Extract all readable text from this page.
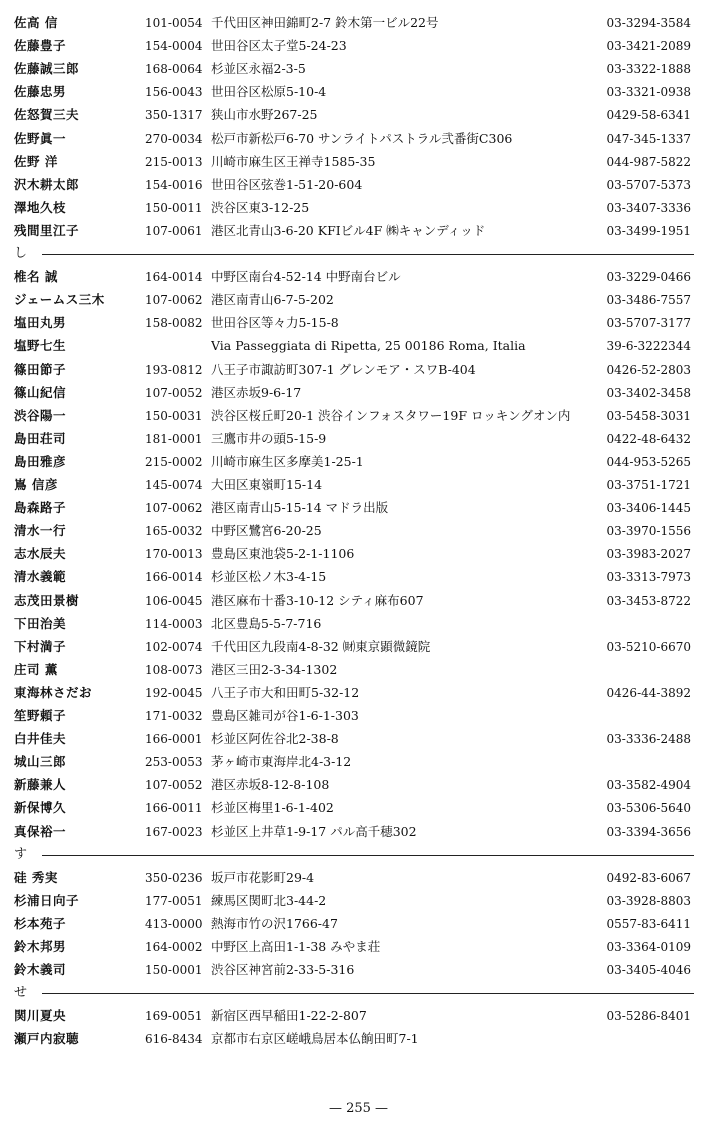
— 255 —
佐高 信	101-0054 千代田区神田錦町2-7 鈴木第一ビル22号	03-3294-3584
佐藤豊子	154-0004 世田谷区太子堂5-24-23	03-3421-2089
佐藤誠三郎	168-0064 杉並区永福2-3-5	03-3322-1888
佐藤忠男	156-0043 世田谷区松原5-10-4	03-3321-0938
佐怒賀三夫	350-1317 狭山市水野267-25	0429-58-6341
佐野眞一	270-0034 松戸市新松戸6-70 サンライトパストラル弐番街C306	047-345-1337
佐野 洋	215-0013 川崎市麻生区王禅寺1585-35	044-987-5822
沢木耕太郎	154-0016 世田谷区弦巻1-51-20-604	03-5707-5373
澤地久枝	150-0011 渋谷区東3-12-25	03-3407-3336
残間里江子	107-0061 港区北青山3-6-20 KFIビル4F ㈱キャンディッド	03-3499-1951
し
椎名 誠	164-0014 中野区南台4-52-14 中野南台ビル	03-3229-0466
ジェームス三木	107-0062 港区南青山6-7-5-202	03-3486-7557
塩田丸男	158-0082 世田谷区等々力5-15-8	03-5707-3177
塩野七生	Via Passeggiata di Ripetta, 25 00186 Roma, Italia	39-6-3222344
篠田節子	193-0812 八王子市諏訪町307-1 グレンモア・スワB-404	0426-52-2803
篠山紀信	107-0052 港区赤坂9-6-17	03-3402-3458
渋谷陽一	150-0031 渋谷区桜丘町20-1 渋谷インフォスタワー19F ロッキングオン内	03-5458-3031
島田荘司	181-0001 三鷹市井の頭5-15-9	0422-48-6432
島田雅彦	215-0002 川崎市麻生区多摩美1-25-1	044-953-5265
嶌 信彦	145-0074 大田区東嶺町15-14	03-3751-1721
島森路子	107-0062 港区南青山5-15-14 マドラ出版	03-3406-1445
清水一行	165-0032 中野区鷺宮6-20-25	03-3970-1556
志水辰夫	170-0013 豊島区東池袋5-2-1-1106	03-3983-2027
清水義範	166-0014 杉並区松ノ木3-4-15	03-3313-7973
志茂田景樹	106-0045 港区麻布十番3-10-12 シティ麻布607	03-3453-8722
下田治美	114-0003 北区豊島5-5-7-716
下村満子	102-0074 千代田区九段南4-8-32 ㈶東京顕微鏡院	03-5210-6670
庄司 薫	108-0073 港区三田2-3-34-1302
東海林さだお	192-0045 八王子市大和田町5-32-12	0426-44-3892
笙野頼子	171-0032 豊島区雑司が谷1-6-1-303
白井佳夫	166-0001 杉並区阿佐谷北2-38-8	03-3336-2488
城山三郎	253-0053 茅ヶ崎市東海岸北4-3-12
新藤兼人	107-0052 港区赤坂8-12-8-108	03-3582-4904
新保博久	166-0011 杉並区梅里1-6-1-402	03-5306-5640
真保裕一	167-0023 杉並区上井草1-9-17 パル高千穂302	03-3394-3656
す
硅 秀実	350-0236 坂戸市花影町29-4	0492-83-6067
杉浦日向子	177-0051 練馬区関町北3-44-2	03-3928-8803
杉本苑子	413-0000 熱海市竹の沢1766-47	0557-83-6411
鈴木邦男	164-0002 中野区上高田1-1-38 みやま荘	03-3364-0109
鈴木義司	150-0001 渋谷区神宮前2-33-5-316	03-3405-4046
せ
関川夏央	169-0051 新宿区西早稲田1-22-2-807	03-5286-8401
瀬戸内寂聴	616-8434 京都市右京区嵯峨鳥居本仏餉田町7-1
